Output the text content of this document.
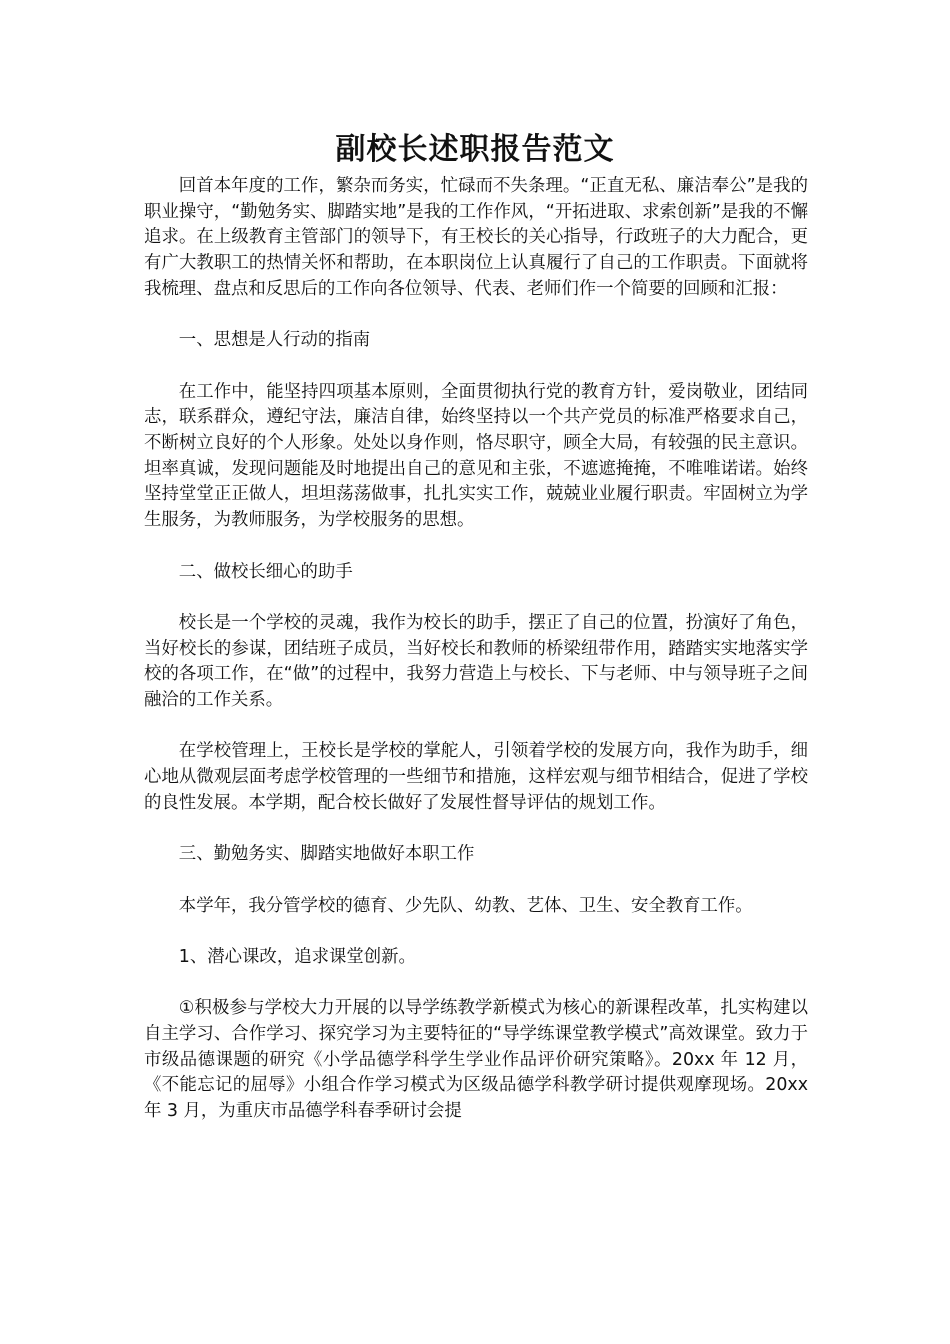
副校长述职报告范文

回首本年度的工作，繁杂而务实，忙碌而不失条理。“正直无私、廉洁奉公”是我的职业操守，“勤勉务实、脚踏实地”是我的工作作风，“开拓进取、求索创新”是我的不懈追求。在上级教育主管部门的领导下，有王校长的关心指导，行政班子的大力配合，更有广大教职工的热情关怀和帮助，在本职岗位上认真履行了自己的工作职责。下面就将我梳理、盘点和反思后的工作向各位领导、代表、老师们作一个简要的回顾和汇报：

一、思想是人行动的指南

在工作中，能坚持四项基本原则，全面贯彻执行党的教育方针，爱岗敬业，团结同志，联系群众，遵纪守法，廉洁自律，始终坚持以一个共产党员的标准严格要求自己，不断树立良好的个人形象。处处以身作则，恪尽职守，顾全大局，有较强的民主意识。坦率真诚，发现问题能及时地提出自己的意见和主张，不遮遮掩掩，不唯唯诺诺。始终坚持堂堂正正做人，坦坦荡荡做事，扎扎实实工作，兢兢业业履行职责。牢固树立为学生服务，为教师服务，为学校服务的思想。

二、做校长细心的助手

校长是一个学校的灵魂，我作为校长的助手，摆正了自己的位置，扮演好了角色，当好校长的参谋，团结班子成员，当好校长和教师的桥梁纽带作用，踏踏实实地落实学校的各项工作，在“做”的过程中，我努力营造上与校长、下与老师、中与领导班子之间融洽的工作关系。

在学校管理上，王校长是学校的掌舵人，引领着学校的发展方向，我作为助手，细心地从微观层面考虑学校管理的一些细节和措施，这样宏观与细节相结合，促进了学校的良性发展。本学期，配合校长做好了发展性督导评估的规划工作。

三、勤勉务实、脚踏实地做好本职工作

本学年，我分管学校的德育、少先队、幼教、艺体、卫生、安全教育工作。

1、潜心课改，追求课堂创新。

①积极参与学校大力开展的以导学练教学新模式为核心的新课程改革，扎实构建以自主学习、合作学习、探究学习为主要特征的“导学练课堂教学模式”高效课堂。致力于市级品德课题的研究《小学品德学科学生学业作品评价研究策略》。20xx 年 12 月，《不能忘记的屈辱》小组合作学习模式为区级品德学科教学研讨提供观摩现场。20xx 年 3 月，为重庆市品德学科春季研讨会提
